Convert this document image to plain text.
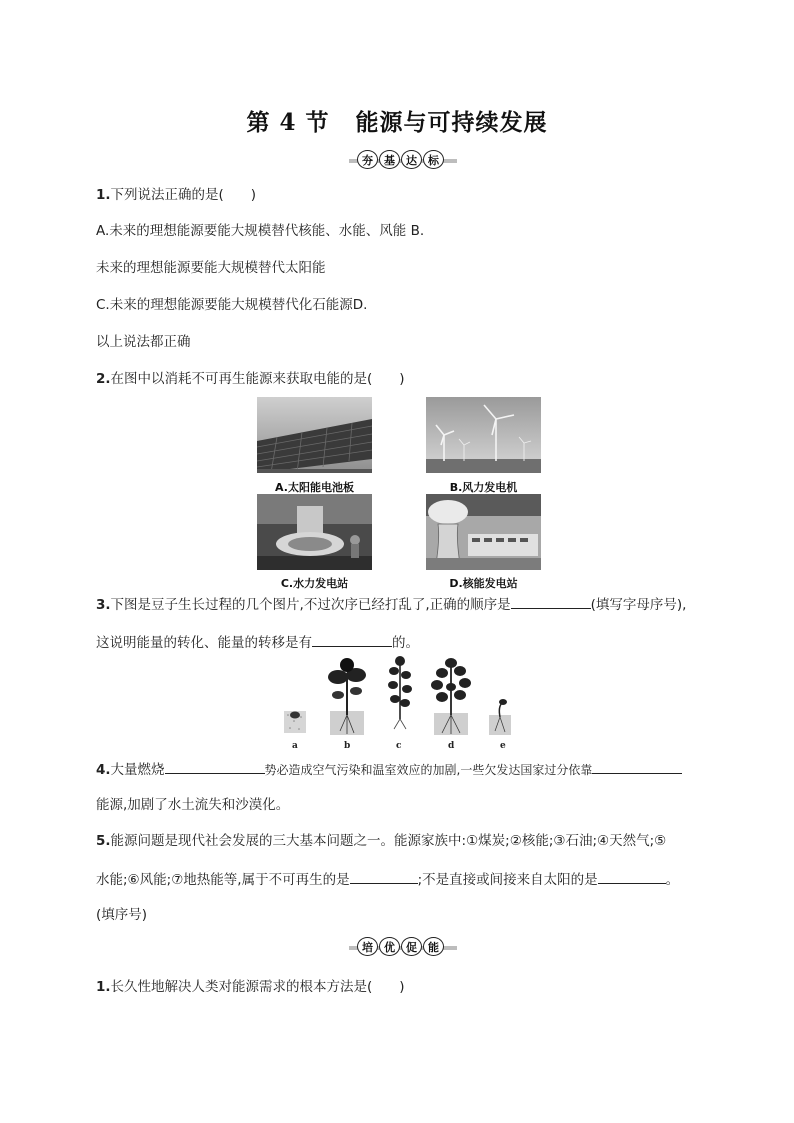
第 4 节 能源与可持续发展
夯	基	达	标
1.下列说法正确的是(　　)
A.未来的理想能源要能大规模替代核能、水能、风能 B.
未来的理想能源要能大规模替代太阳能
C.未来的理想能源要能大规模替代化石能源D.
以上说法都正确
2.在图中以消耗不可再生能源来获取电能的是(　　)
A.太阳能电池板	B.风力发电机
C.水力发电站	D.核能发电站
3.下图是豆子生长过程的几个图片,不过次序已经打乱了,正确的顺序是	(填写字母序号),
这说明能量的转化、能量的转移是有	的。
a	b	c	d	e
4.大量燃烧	势必造成空气污染和温室效应的加剧,一些欠发达国家过分依靠
能源,加剧了水土流失和沙漠化。
5.能源问题是现代社会发展的三大基本问题之一。能源家族中:①煤炭;②核能;③石油;④天然气;⑤
水能;⑥风能;⑦地热能等,属于不可再生的是	;不是直接或间接来自太阳的是	。
(填序号)
培	优	促	能
1.长久性地解决人类对能源需求的根本方法是(　　)
